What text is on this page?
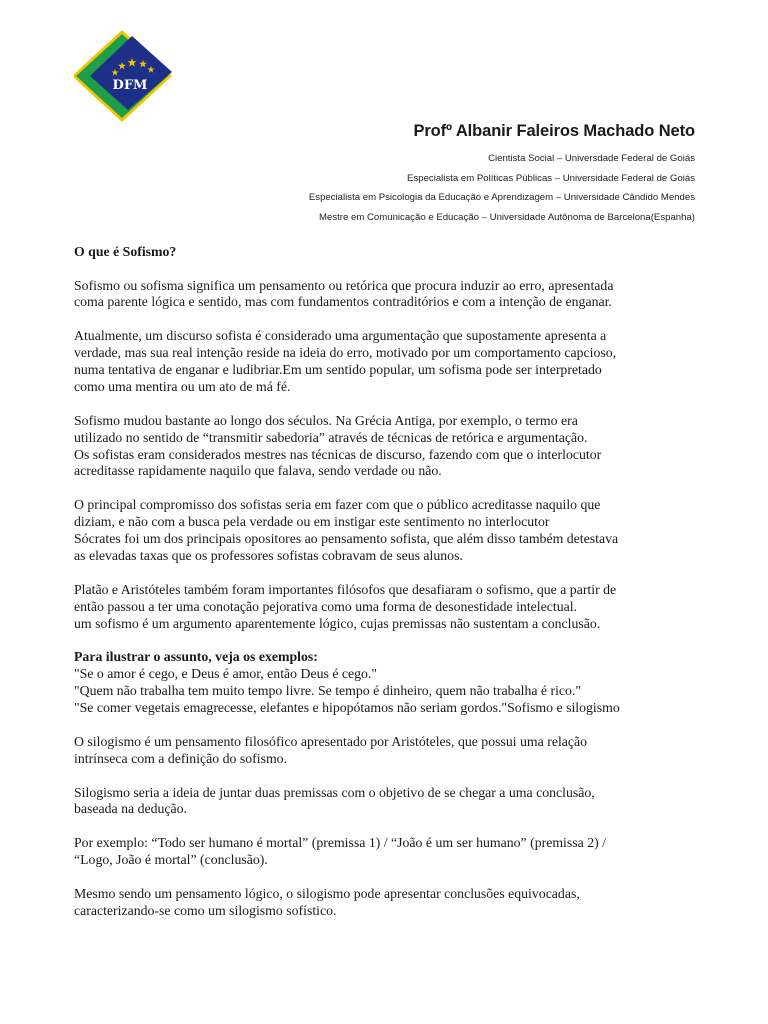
DFM
Profº Albanir Faleiros Machado Neto
Cientista Social – Universdade Federal de Goiás
Especialista em Políticas Públicas – Universidade Federal de Goiás
Especialista em Psicologia da Educação e Aprendizagem – Universidade Cândido Mendes
Mestre em Comunicação e Educação – Universidade Autônoma de Barcelona(Espanha)

O que é Sofismo?

Sofismo ou sofisma significa um pensamento ou retórica que procura induzir ao erro, apresentada
coma parente lógica e sentido, mas com fundamentos contraditórios e com a intenção de enganar.

Atualmente, um discurso sofista é considerado uma argumentação que supostamente apresenta a
verdade, mas sua real intenção reside na ideia do erro, motivado por um comportamento capcioso,
numa tentativa de enganar e ludibriar.Em um sentido popular, um sofisma pode ser interpretado
como uma mentira ou um ato de má fé.

Sofismo mudou bastante ao longo dos séculos. Na Grécia Antiga, por exemplo, o termo era
utilizado no sentido de “transmitir sabedoria” através de técnicas de retórica e argumentação.
Os sofistas eram considerados mestres nas técnicas de discurso, fazendo com que o interlocutor
acreditasse rapidamente naquilo que falava, sendo verdade ou não.

O principal compromisso dos sofistas seria em fazer com que o público acreditasse naquilo que
diziam, e não com a busca pela verdade ou em instigar este sentimento no interlocutor
Sócrates foi um dos principais opositores ao pensamento sofista, que além disso também detestava
as elevadas taxas que os professores sofistas cobravam de seus alunos.

Platão e Aristóteles também foram importantes filósofos que desafiaram o sofismo, que a partir de
então passou a ter uma conotação pejorativa como uma forma de desonestidade intelectual.
um sofismo é um argumento aparentemente lógico, cujas premissas não sustentam a conclusão.

Para ilustrar o assunto, veja os exemplos:
"Se o amor é cego, e Deus é amor, então Deus é cego."
"Quem não trabalha tem muito tempo livre. Se tempo é dinheiro, quem não trabalha é rico."
"Se comer vegetais emagrecesse, elefantes e hipopótamos não seriam gordos."Sofismo e silogismo

O silogismo é um pensamento filosófico apresentado por Aristóteles, que possui uma relação
intrínseca com a definição do sofismo.

Silogismo seria a ideia de juntar duas premissas com o objetivo de se chegar a uma conclusão,
baseada na dedução.

Por exemplo: “Todo ser humano é mortal” (premissa 1) / “João é um ser humano” (premissa 2) /
“Logo, João é mortal” (conclusão).

Mesmo sendo um pensamento lógico, o silogismo pode apresentar conclusões equivocadas,
caracterizando-se como um silogismo sofístico.
